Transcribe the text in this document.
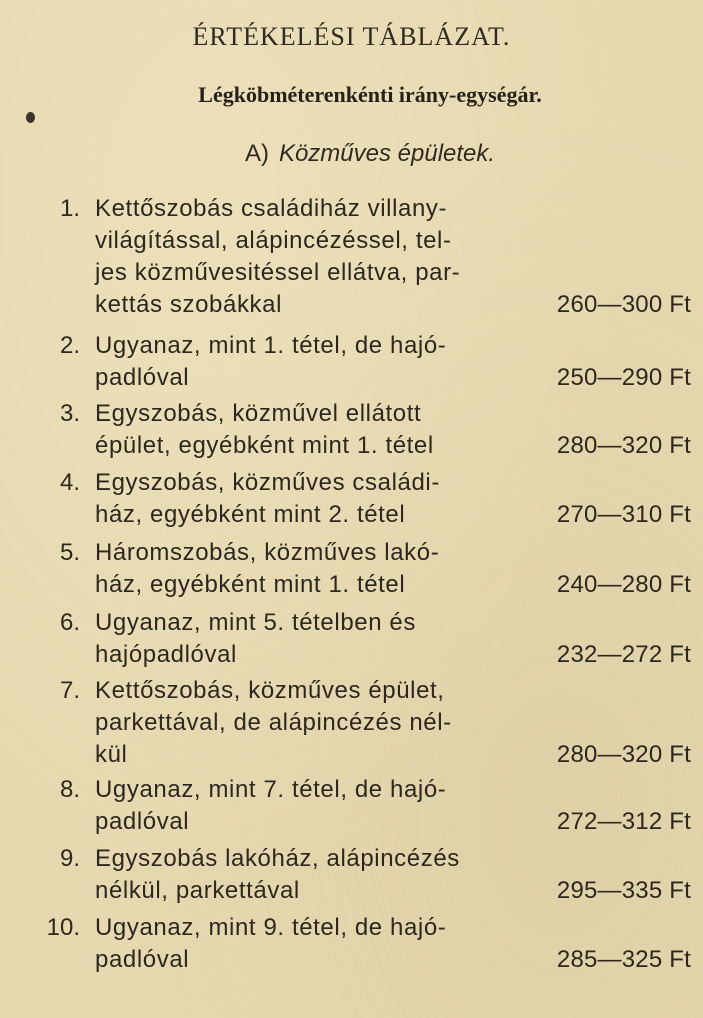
ÉRTÉKELÉSI TÁBLÁZAT.
Légköbméterenkénti irány-egységár.
A) Közműves épületek.
1. Kettőszobás családiház villany-
világítással, alápincézéssel, tel-
jes közművesitéssel ellátva, par-
kettás szobákkal	260—300 Ft
2. Ugyanaz, mint 1. tétel, de hajó-
padlóval	250—290 Ft
3. Egyszobás, közművel ellátott
épület, egyébként mint 1. tétel	280—320 Ft
4. Egyszobás, közműves családi-
ház, egyébként mint 2. tétel	270—310 Ft
5. Háromszobás, közműves lakó-
ház, egyébként mint 1. tétel	240—280 Ft
6. Ugyanaz, mint 5. tételben és
hajópadlóval	232—272 Ft
7. Kettőszobás, közműves épület,
parkettával, de alápincézés nél-
kül	280—320 Ft
8. Ugyanaz, mint 7. tétel, de hajó-
padlóval	272—312 Ft
9. Egyszobás lakóház, alápincézés
nélkül, parkettával	295—335 Ft
10. Ugyanaz, mint 9. tétel, de hajó-
padlóval	285—325 Ft
